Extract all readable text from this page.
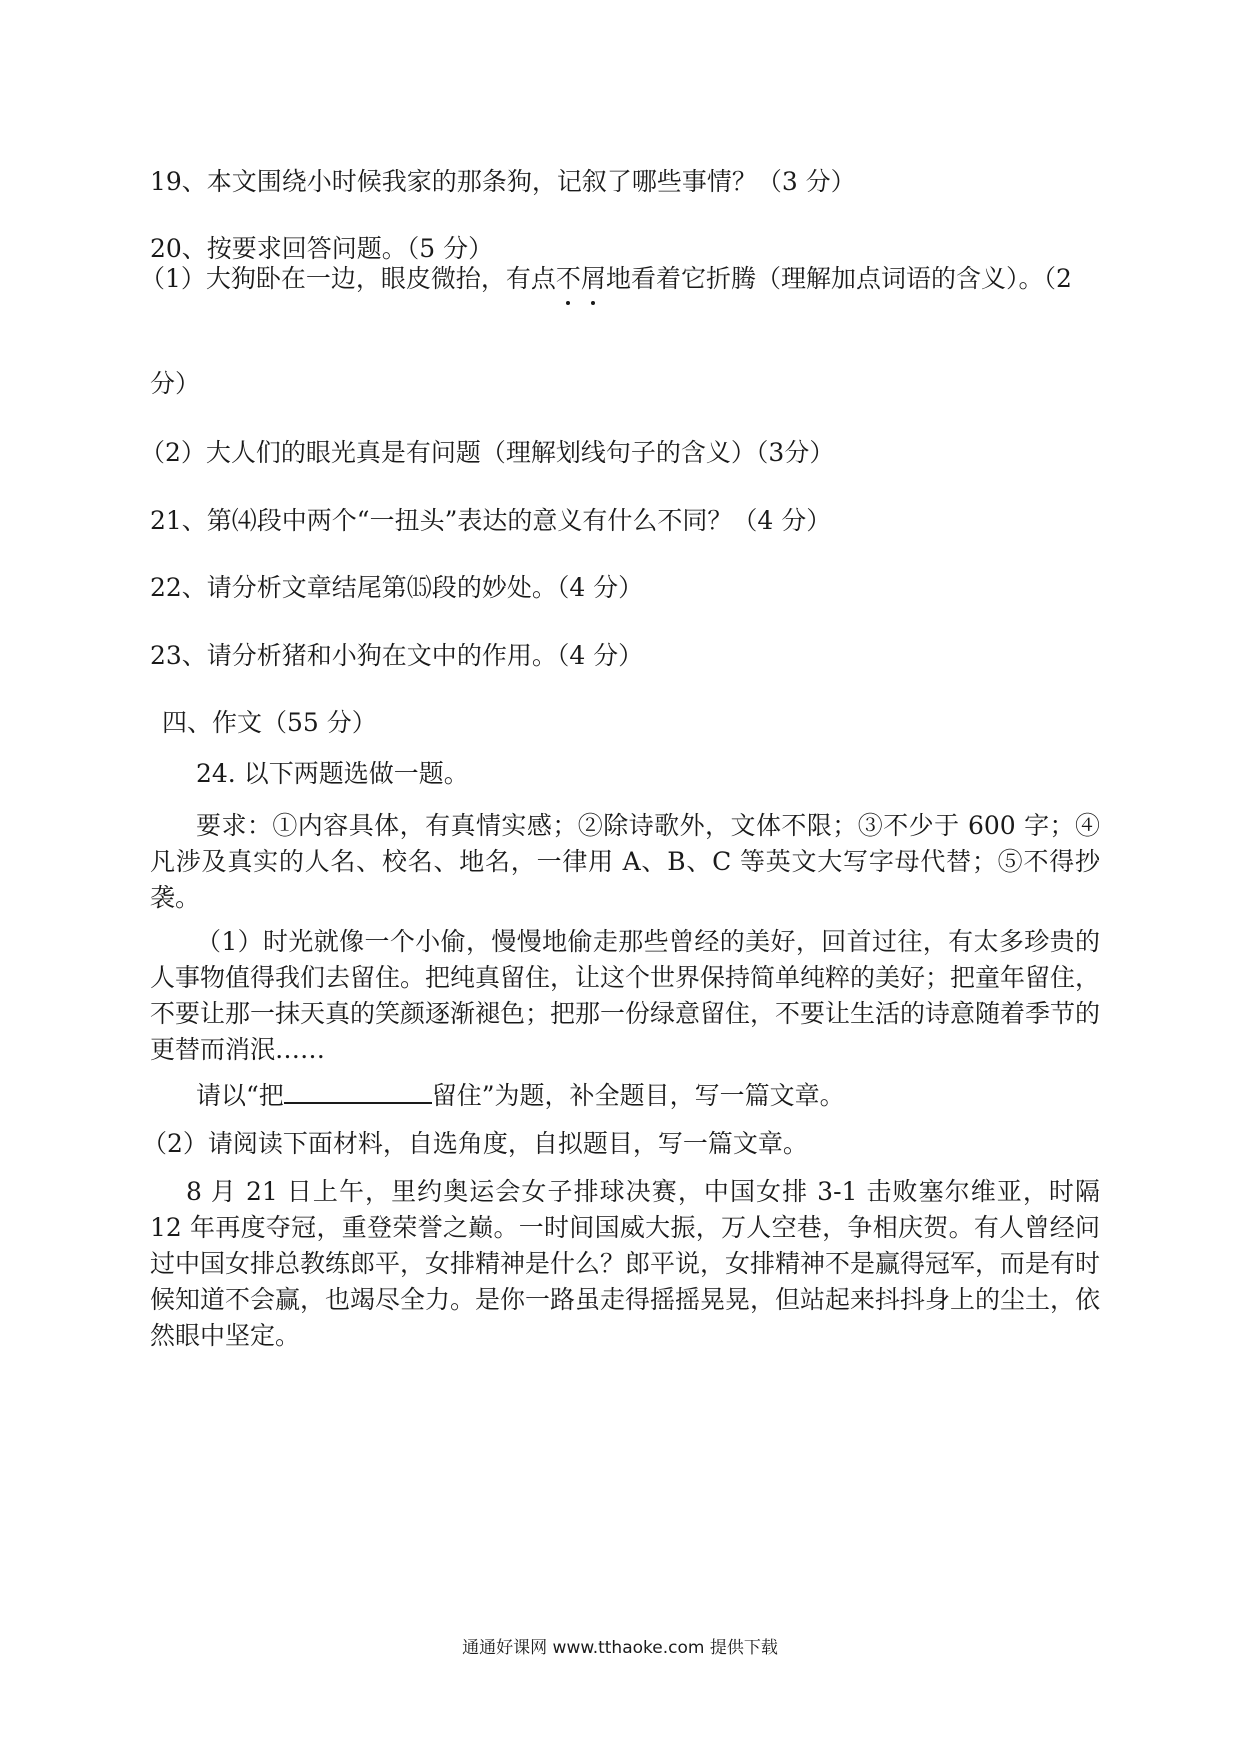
19、本文围绕小时候我家的那条狗，记叙了哪些事情？（3 分）
20、按要求回答问题。（5 分）
（1）大狗卧在一边，眼皮微抬，有点不屑地看着它折腾（理解加点词语的含义）。（2
分）
（2）大人们的眼光真是有问题（理解划线句子的含义）（3分）
21、第⑷段中两个“一扭头”表达的意义有什么不同？（4 分）
22、请分析文章结尾第⒂段的妙处。（4 分）
23、请分析猪和小狗在文中的作用。（4 分）
四、作文（55 分）

24. 以下两题选做一题。

要求：①内容具体，有真情实感；②除诗歌外，文体不限；③不少于 600 字；④凡涉及真实的人名、校名、地名，一律用 A、B、C 等英文大写字母代替；⑤不得抄袭。

（1）时光就像一个小偷，慢慢地偷走那些曾经的美好，回首过往，有太多珍贵的人事物值得我们去留住。把纯真留住，让这个世界保持简单纯粹的美好；把童年留住，不要让那一抹天真的笑颜逐渐褪色；把那一份绿意留住，不要让生活的诗意随着季节的更替而消泯……

请以“把	留住”为题，补全题目，写一篇文章。

（2）请阅读下面材料，自选角度，自拟题目，写一篇文章。

8 月 21 日上午，里约奥运会女子排球决赛，中国女排 3-1 击败塞尔维亚，时隔 12 年再度夺冠，重登荣誉之巅。一时间国威大振，万人空巷，争相庆贺。有人曾经问过中国女排总教练郎平，女排精神是什么？郎平说，女排精神不是赢得冠军，而是有时候知道不会赢，也竭尽全力。是你一路虽走得摇摇晃晃，但站起来抖抖身上的尘土，依然眼中坚定。

通通好课网 www.tthaoke.com 提供下载
